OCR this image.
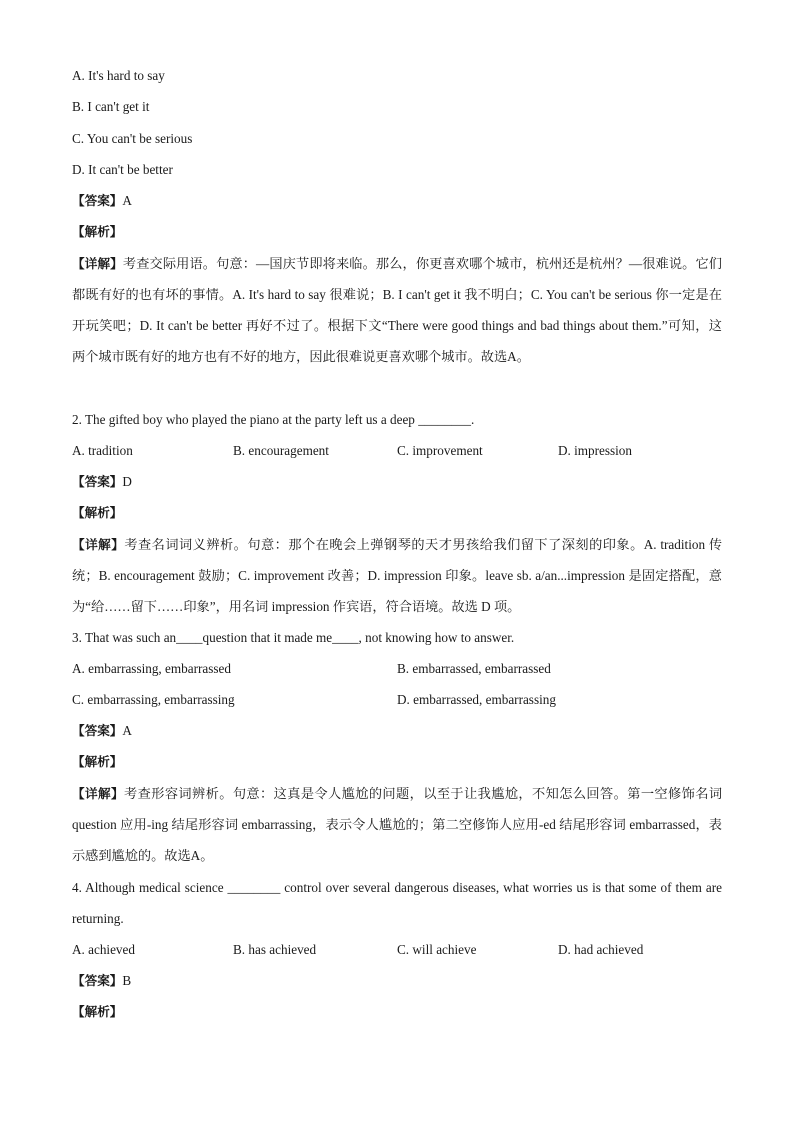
A. It's hard to say
B. I can't get it
C. You can't be serious
D. It can't be better
【答案】A
【解析】
【详解】考查交际用语。句意：—国庆节即将来临。那么，你更喜欢哪个城市，杭州还是杭州？—很难说。它们都既有好的也有坏的事情。A. It's hard to say 很难说；B. I can't get it 我不明白；C. You can't be serious 你一定是在开玩笑吧；D. It can't be better 再好不过了。根据下文“There were good things and bad things about them.”可知，这两个城市既有好的地方也有不好的地方，因此很难说更喜欢哪个城市。故选A。
2. The gifted boy who played the piano at the party left us a deep ________.
A. tradition	B. encouragement	C. improvement	D. impression
【答案】D
【解析】
【详解】考查名词词义辨析。句意：那个在晚会上弹钢琴的天才男孩给我们留下了深刻的印象。A. tradition 传统；B. encouragement 鼓励；C. improvement 改善；D. impression 印象。leave sb. a/an...impression 是固定搭配，意为“给……留下……印象”，用名词 impression 作宾语，符合语境。故选 D 项。
3. That was such an____question that it made me____, not knowing how to answer.
A. embarrassing, embarrassed	B. embarrassed, embarrassed
C. embarrassing, embarrassing	D. embarrassed, embarrassing
【答案】A
【解析】
【详解】考查形容词辨析。句意：这真是令人尴尬的问题，以至于让我尴尬，不知怎么回答。第一空修饰名词 question 应用-ing 结尾形容词 embarrassing，表示令人尴尬的；第二空修饰人应用-ed 结尾形容词 embarrassed，表示感到尴尬的。故选A。
4. Although medical science ________ control over several dangerous diseases, what worries us is that some of them are returning.
A. achieved	B. has achieved	C. will achieve	D. had achieved
【答案】B
【解析】
